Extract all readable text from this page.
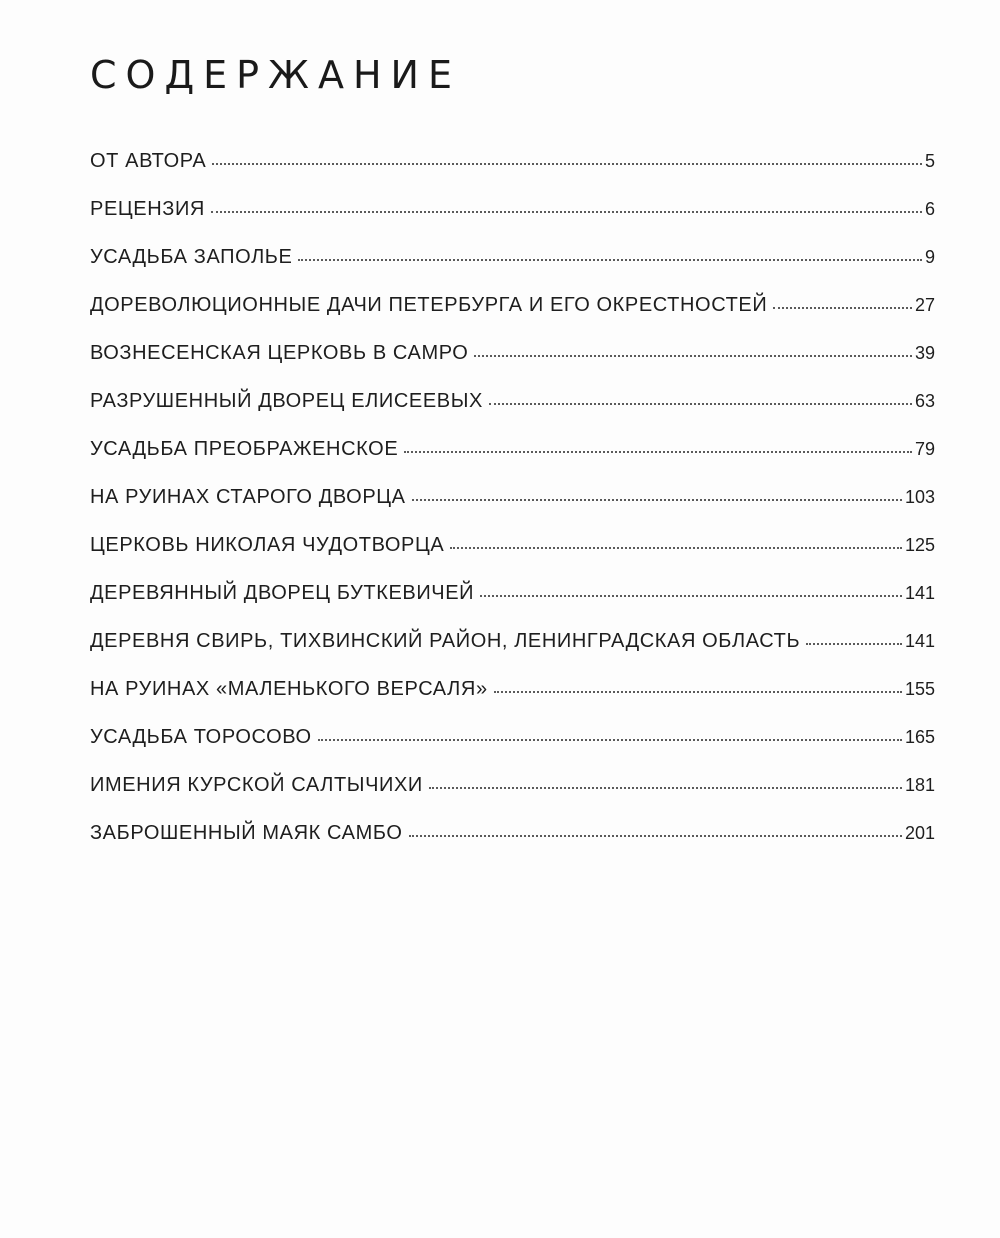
СОДЕРЖАНИЕ
ОТ АВТОРА	5
РЕЦЕНЗИЯ	6
УСАДЬБА ЗАПОЛЬЕ	9
ДОРЕВОЛЮЦИОННЫЕ ДАЧИ ПЕТЕРБУРГА И ЕГО ОКРЕСТНОСТЕЙ	27
ВОЗНЕСЕНСКАЯ ЦЕРКОВЬ В САМРО	39
РАЗРУШЕННЫЙ ДВОРЕЦ ЕЛИСЕЕВЫХ	63
УСАДЬБА ПРЕОБРАЖЕНСКОЕ	79
НА РУИНАХ СТАРОГО ДВОРЦА	103
ЦЕРКОВЬ НИКОЛАЯ ЧУДОТВОРЦА	125
ДЕРЕВЯННЫЙ ДВОРЕЦ БУТКЕВИЧЕЙ	141
ДЕРЕВНЯ СВИРЬ, ТИХВИНСКИЙ РАЙОН, ЛЕНИНГРАДСКАЯ ОБЛАСТЬ	141
НА РУИНАХ «МАЛЕНЬКОГО ВЕРСАЛЯ»	155
УСАДЬБА ТОРОСОВО	165
ИМЕНИЯ КУРСКОЙ САЛТЫЧИХИ	181
ЗАБРОШЕННЫЙ МАЯК САМБО	201
